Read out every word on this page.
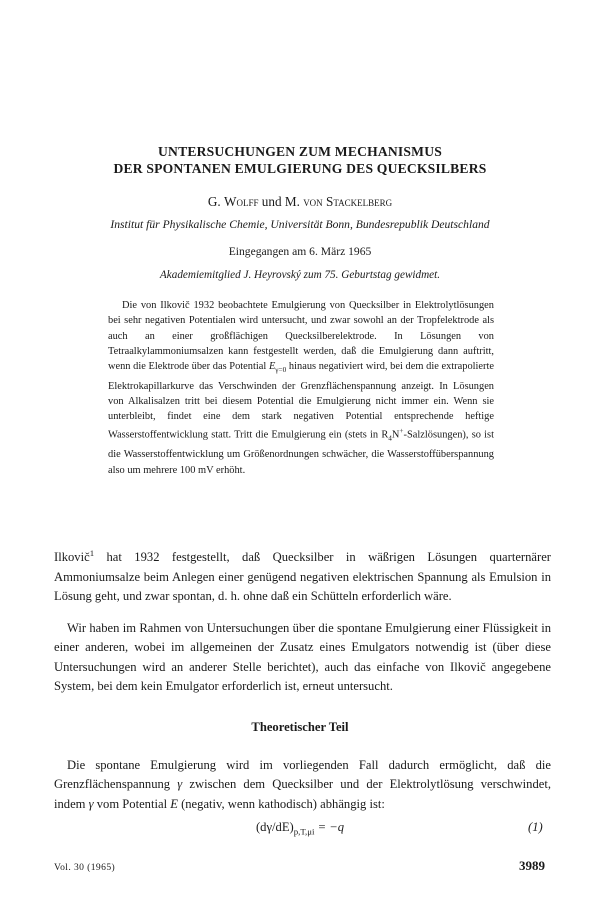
UNTERSUCHUNGEN ZUM MECHANISMUS
DER SPONTANEN EMULGIERUNG DES QUECKSILBERS
G. Wolff und M. von Stackelberg
Institut für Physikalische Chemie, Universität Bonn, Bundesrepublik Deutschland
Eingegangen am 6. März 1965
Akademiemitglied J. Heyrovský zum 75. Geburtstag gewidmet.
Die von Ilkovič 1932 beobachtete Emulgierung von Quecksilber in Elektrolytlösungen bei sehr negativen Potentialen wird untersucht, und zwar sowohl an der Tropfelektrode als auch an einer großflächigen Quecksilberelektrode. In Lösungen von Tetraalkylammoniumsalzen kann festgestellt werden, daß die Emulgierung dann auftritt, wenn die Elektrode über das Potential $E_{\gamma=0}$ hinaus negativiert wird, bei dem die extrapolierte Elektrokapillarkurve das Verschwinden der Grenzflächenspannung anzeigt. In Lösungen von Alkalisalzen tritt bei diesem Potential die Emulgierung nicht immer ein. Wenn sie unterbleibt, findet eine dem stark negativen Potential entsprechende heftige Wasserstoffentwicklung statt. Tritt die Emulgierung ein (stets in $R_4N^+-Salzlösungen$), so ist die Wasserstoffentwicklung um Größenordnungen schwächer, die Wasserstoffüberspannung also um mehrere 100 mV erhöht.
Ilkovič$^1$ hat 1932 festgestellt, daß Quecksilber in wäßrigen Lösungen quarternärer Ammoniumsalze beim Anlegen einer genügend negativen elektrischen Spannung als Emulsion in Lösung geht, und zwar spontan, d. h. ohne daß ein Schütteln erforderlich wäre.
Wir haben im Rahmen von Untersuchungen über die spontane Emulgierung einer Flüssigkeit in einer anderen, wobei im allgemeinen der Zusatz eines Emulgators notwendig ist (über diese Untersuchungen wird an anderer Stelle berichtet), auch das einfache von Ilkovič angegebene System, bei dem kein Emulgator erforderlich ist, erneut untersucht.
Theoretischer Teil
Die spontane Emulgierung wird im vorliegenden Fall dadurch ermöglicht, daß die Grenzflächenspannung γ zwischen dem Quecksilber und der Elektrolytlösung verschwindet, indem γ vom Potential E (negativ, wenn kathodisch) abhängig ist:
$(d\gamma/dE)_{p,T,\mu i} = -q$	(1)
Vol. 30 (1965)	3989
